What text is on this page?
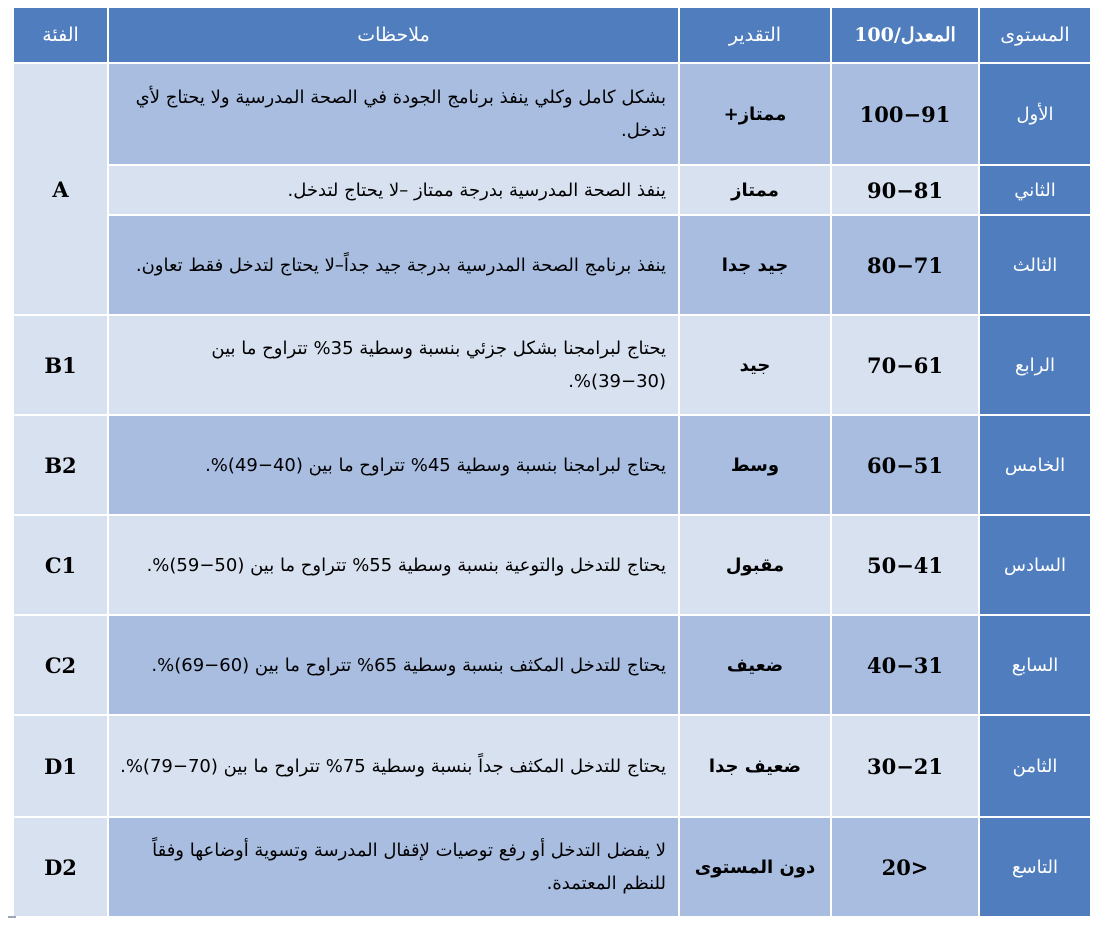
المستوى	المعدل/100	التقدير	ملاحظات	الفئة
الأول	100−91	ممتاز+	بشكل كامل وكلي ينفذ برنامج الجودة في الصحة المدرسية ولا يحتاج لأي تدخل.	A
الثاني	90−81	ممتاز	ينفذ الصحة المدرسية بدرجة ممتاز –لا يحتاج لتدخل.	
الثالث	80−71	جيد جدا	ينفذ برنامج الصحة المدرسية بدرجة جيد جداً–لا يحتاج لتدخل فقط تعاون.	
الرابع	70−61	جيد	يحتاج لبرامجنا بشكل جزئي بنسبة وسطية 35% تتراوح ما بين (30−39)%.	B1
الخامس	60−51	وسط	يحتاج لبرامجنا بنسبة وسطية 45% تتراوح ما بين (40−49)%.	B2
السادس	50−41	مقبول	يحتاج للتدخل والتوعية بنسبة وسطية 55% تتراوح ما بين (50−59)%.	C1
السابع	40−31	ضعيف	يحتاج للتدخل المكثف بنسبة وسطية 65% تتراوح ما بين (60−69)%.	C2
الثامن	30−21	ضعيف جدا	يحتاج للتدخل المكثف جداً بنسبة وسطية 75% تتراوح ما بين (70−79)%.	D1
التاسع	20>	دون المستوى	لا يفضل التدخل أو رفع توصيات لإقفال المدرسة وتسوية أوضاعها وفقاً للنظم المعتمدة.	D2
